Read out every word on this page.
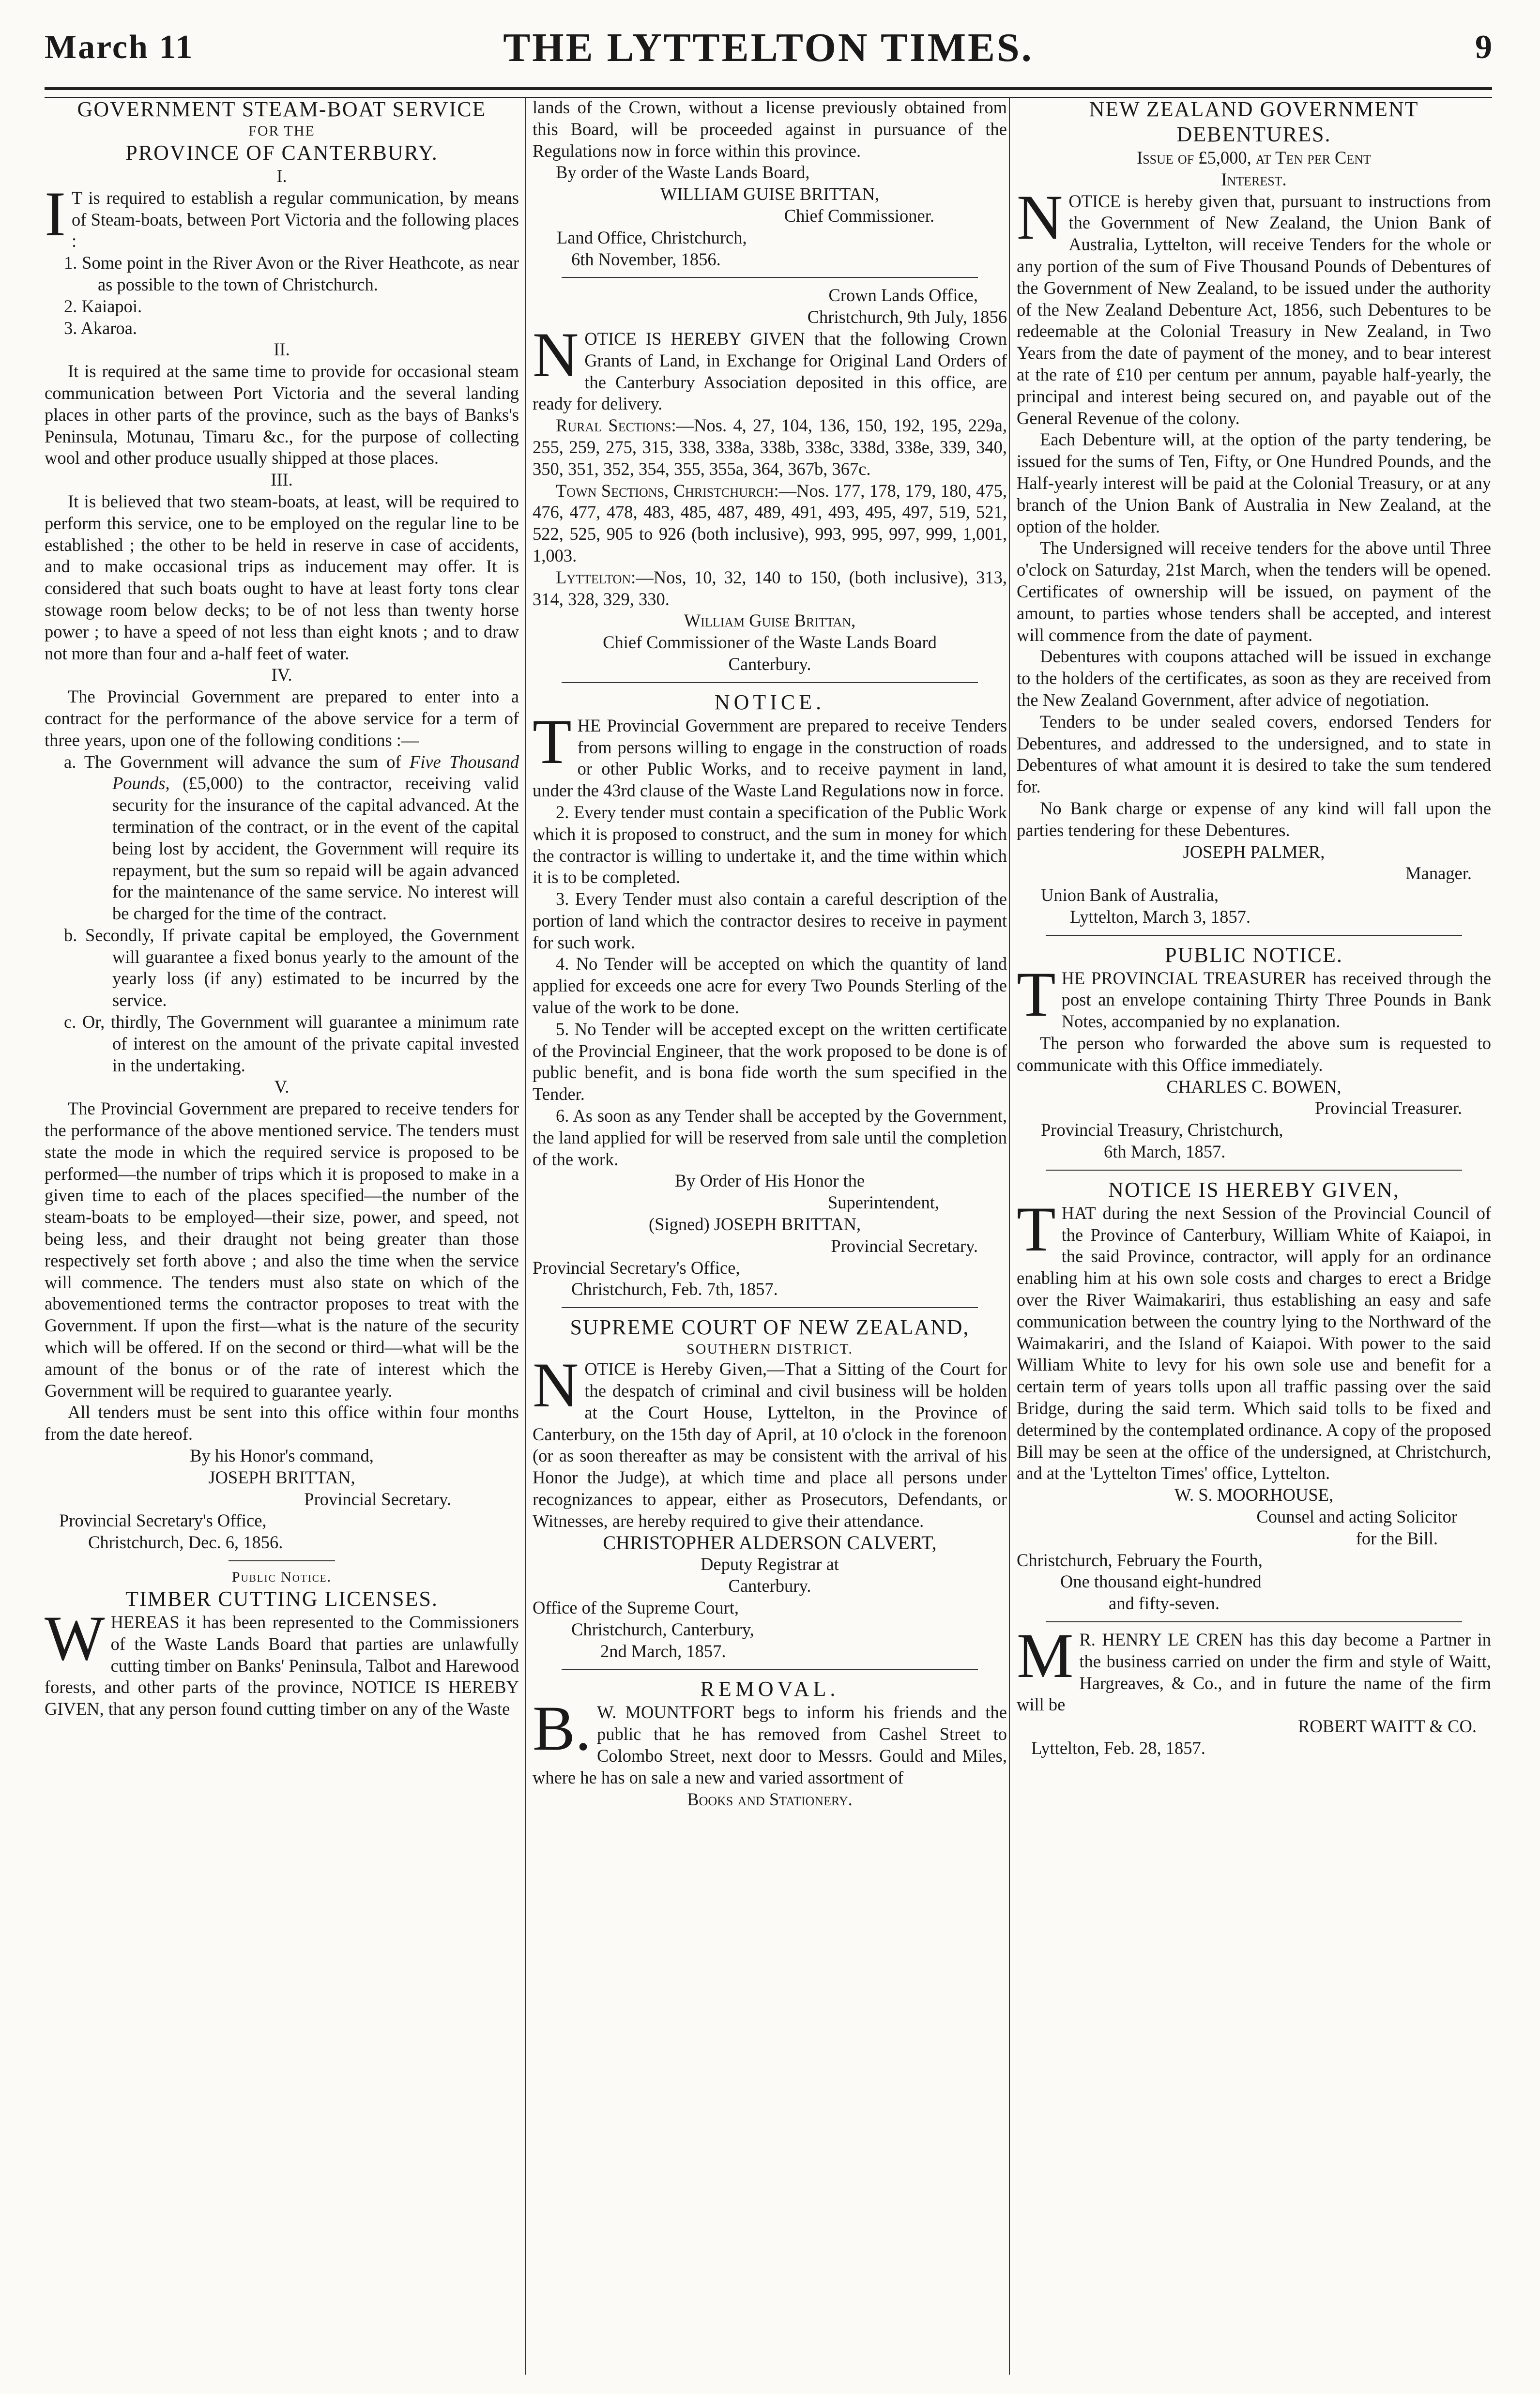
March 11	THE LYTTELTON TIMES.	9

GOVERNMENT STEAM-BOAT SERVICE

FOR THE

PROVINCE OF CANTERBURY.

I.

IT is required to establish a regular communication, by means of Steam-boats, between Port Victoria and the following places :

1. Some point in the River Avon or the River Heathcote, as near as possible to the town of Christchurch.

2. Kaiapoi.

3. Akaroa.

II.

It is required at the same time to provide for occasional steam communication between Port Victoria and the several landing places in other parts of the province, such as the bays of Banks's Peninsula, Motunau, Timaru &c., for the purpose of collecting wool and other produce usually shipped at those places.

III.

It is believed that two steam-boats, at least, will be required to perform this service, one to be employed on the regular line to be established ; the other to be held in reserve in case of accidents, and to make occasional trips as inducement may offer. It is considered that such boats ought to have at least forty tons clear stowage room below decks; to be of not less than twenty horse power ; to have a speed of not less than eight knots ; and to draw not more than four and a-half feet of water.

IV.

The Provincial Government are prepared to enter into a contract for the performance of the above service for a term of three years, upon one of the following conditions :—

a. The Government will advance the sum of Five Thousand Pounds, (£5,000) to the contractor, receiving valid security for the insurance of the capital advanced. At the termination of the contract, or in the event of the capital being lost by accident, the Government will require its repayment, but the sum so repaid will be again advanced for the maintenance of the same service. No interest will be charged for the time of the contract.

b. Secondly, If private capital be employed, the Government will guarantee a fixed bonus yearly to the amount of the yearly loss (if any) estimated to be incurred by the service.

c. Or, thirdly, The Government will guarantee a minimum rate of interest on the amount of the private capital invested in the undertaking.

V.

The Provincial Government are prepared to receive tenders for the performance of the above mentioned service. The tenders must state the mode in which the required service is proposed to be performed—the number of trips which it is proposed to make in a given time to each of the places specified—the number of the steam-boats to be employed—their size, power, and speed, not being less, and their draught not being greater than those respectively set forth above ; and also the time when the service will commence. The tenders must also state on which of the abovementioned terms the contractor proposes to treat with the Government. If upon the first—what is the nature of the security which will be offered. If on the second or third—what will be the amount of the bonus or of the rate of interest which the Government will be required to guarantee yearly.

All tenders must be sent into this office within four months from the date hereof.

By his Honor's command,

JOSEPH BRITTAN,

Provincial Secretary.

Provincial Secretary's Office,

Christchurch, Dec. 6, 1856.

Public Notice.

TIMBER CUTTING LICENSES.

WHEREAS it has been represented to the Commissioners of the Waste Lands Board that parties are unlawfully cutting timber on Banks' Peninsula, Talbot and Harewood forests, and other parts of the province, NOTICE IS HEREBY GIVEN, that any person found cutting timber on any of the Waste

lands of the Crown, without a license previously obtained from this Board, will be proceeded against in pursuance of the Regulations now in force within this province.

By order of the Waste Lands Board,

WILLIAM GUISE BRITTAN,

Chief Commissioner.

Land Office, Christchurch,

6th November, 1856.

Crown Lands Office,

Christchurch, 9th July, 1856

NOTICE IS HEREBY GIVEN that the following Crown Grants of Land, in Exchange for Original Land Orders of the Canterbury Association deposited in this office, are ready for delivery.

Rural Sections:—Nos. 4, 27, 104, 136, 150, 192, 195, 229a, 255, 259, 275, 315, 338, 338a, 338b, 338c, 338d, 338e, 339, 340, 350, 351, 352, 354, 355, 355a, 364, 367b, 367c.

Town Sections, Christchurch:—Nos. 177, 178, 179, 180, 475, 476, 477, 478, 483, 485, 487, 489, 491, 493, 495, 497, 519, 521, 522, 525, 905 to 926 (both inclusive), 993, 995, 997, 999, 1,001, 1,003.

Lyttelton:—Nos, 10, 32, 140 to 150, (both inclusive), 313, 314, 328, 329, 330.

William Guise Brittan,

Chief Commissioner of the Waste Lands Board

Canterbury.

NOTICE.

THE Provincial Government are prepared to receive Tenders from persons willing to engage in the construction of roads or other Public Works, and to receive payment in land, under the 43rd clause of the Waste Land Regulations now in force.

2. Every tender must contain a specification of the Public Work which it is proposed to construct, and the sum in money for which the contractor is willing to undertake it, and the time within which it is to be completed.

3. Every Tender must also contain a careful description of the portion of land which the contractor desires to receive in payment for such work.

4. No Tender will be accepted on which the quantity of land applied for exceeds one acre for every Two Pounds Sterling of the value of the work to be done.

5. No Tender will be accepted except on the written certificate of the Provincial Engineer, that the work proposed to be done is of public benefit, and is bona fide worth the sum specified in the Tender.

6. As soon as any Tender shall be accepted by the Government, the land applied for will be reserved from sale until the completion of the work.

By Order of His Honor the

Superintendent,

(Signed) JOSEPH BRITTAN,

Provincial Secretary.

Provincial Secretary's Office,

Christchurch, Feb. 7th, 1857.

SUPREME COURT OF NEW ZEALAND,

SOUTHERN DISTRICT.

NOTICE is Hereby Given,—That a Sitting of the Court for the despatch of criminal and civil business will be holden at the Court House, Lyttelton, in the Province of Canterbury, on the 15th day of April, at 10 o'clock in the forenoon (or as soon thereafter as may be consistent with the arrival of his Honor the Judge), at which time and place all persons under recognizances to appear, either as Prosecutors, Defendants, or Witnesses, are hereby required to give their attendance.

CHRISTOPHER ALDERSON CALVERT,

Deputy Registrar at

Canterbury.

Office of the Supreme Court,

Christchurch, Canterbury,

2nd March, 1857.

REMOVAL.

B.W. MOUNTFORT begs to inform his friends and the public that he has removed from Cashel Street to Colombo Street, next door to Messrs. Gould and Miles, where he has on sale a new and varied assortment of

Books and Stationery.

NEW ZEALAND GOVERNMENT

DEBENTURES.

Issue of £5,000, at Ten per Cent

Interest.

NOTICE is hereby given that, pursuant to instructions from the Government of New Zealand, the Union Bank of Australia, Lyttelton, will receive Tenders for the whole or any portion of the sum of Five Thousand Pounds of Debentures of the Government of New Zealand, to be issued under the authority of the New Zealand Debenture Act, 1856, such Debentures to be redeemable at the Colonial Treasury in New Zealand, in Two Years from the date of payment of the money, and to bear interest at the rate of £10 per centum per annum, payable half-yearly, the principal and interest being secured on, and payable out of the General Revenue of the colony.

Each Debenture will, at the option of the party tendering, be issued for the sums of Ten, Fifty, or One Hundred Pounds, and the Half-yearly interest will be paid at the Colonial Treasury, or at any branch of the Union Bank of Australia in New Zealand, at the option of the holder.

The Undersigned will receive tenders for the above until Three o'clock on Saturday, 21st March, when the tenders will be opened. Certificates of ownership will be issued, on payment of the amount, to parties whose tenders shall be accepted, and interest will commence from the date of payment.

Debentures with coupons attached will be issued in exchange to the holders of the certificates, as soon as they are received from the New Zealand Government, after advice of negotiation.

Tenders to be under sealed covers, endorsed Tenders for Debentures, and addressed to the undersigned, and to state in Debentures of what amount it is desired to take the sum tendered for.

No Bank charge or expense of any kind will fall upon the parties tendering for these Debentures.

JOSEPH PALMER,

Manager.

Union Bank of Australia,

Lyttelton, March 3, 1857.

PUBLIC NOTICE.

THE PROVINCIAL TREASURER has received through the post an envelope containing Thirty Three Pounds in Bank Notes, accompanied by no explanation.

The person who forwarded the above sum is requested to communicate with this Office immediately.

CHARLES C. BOWEN,

Provincial Treasurer.

Provincial Treasury, Christchurch,

6th March, 1857.

NOTICE IS HEREBY GIVEN,

THAT during the next Session of the Provincial Council of the Province of Canterbury, William White of Kaiapoi, in the said Province, contractor, will apply for an ordinance enabling him at his own sole costs and charges to erect a Bridge over the River Waimakariri, thus establishing an easy and safe communication between the country lying to the Northward of the Waimakariri, and the Island of Kaiapoi. With power to the said William White to levy for his own sole use and benefit for a certain term of years tolls upon all traffic passing over the said Bridge, during the said term. Which said tolls to be fixed and determined by the contemplated ordinance. A copy of the proposed Bill may be seen at the office of the undersigned, at Christchurch, and at the 'Lyttelton Times' office, Lyttelton.

W. S. MOORHOUSE,

Counsel and acting Solicitor

for the Bill.

Christchurch, February the Fourth,

One thousand eight-hundred

and fifty-seven.

MR. HENRY LE CREN has this day become a Partner in the business carried on under the firm and style of Waitt, Hargreaves, & Co., and in future the name of the firm will be

ROBERT WAITT & CO.

Lyttelton, Feb. 28, 1857.
